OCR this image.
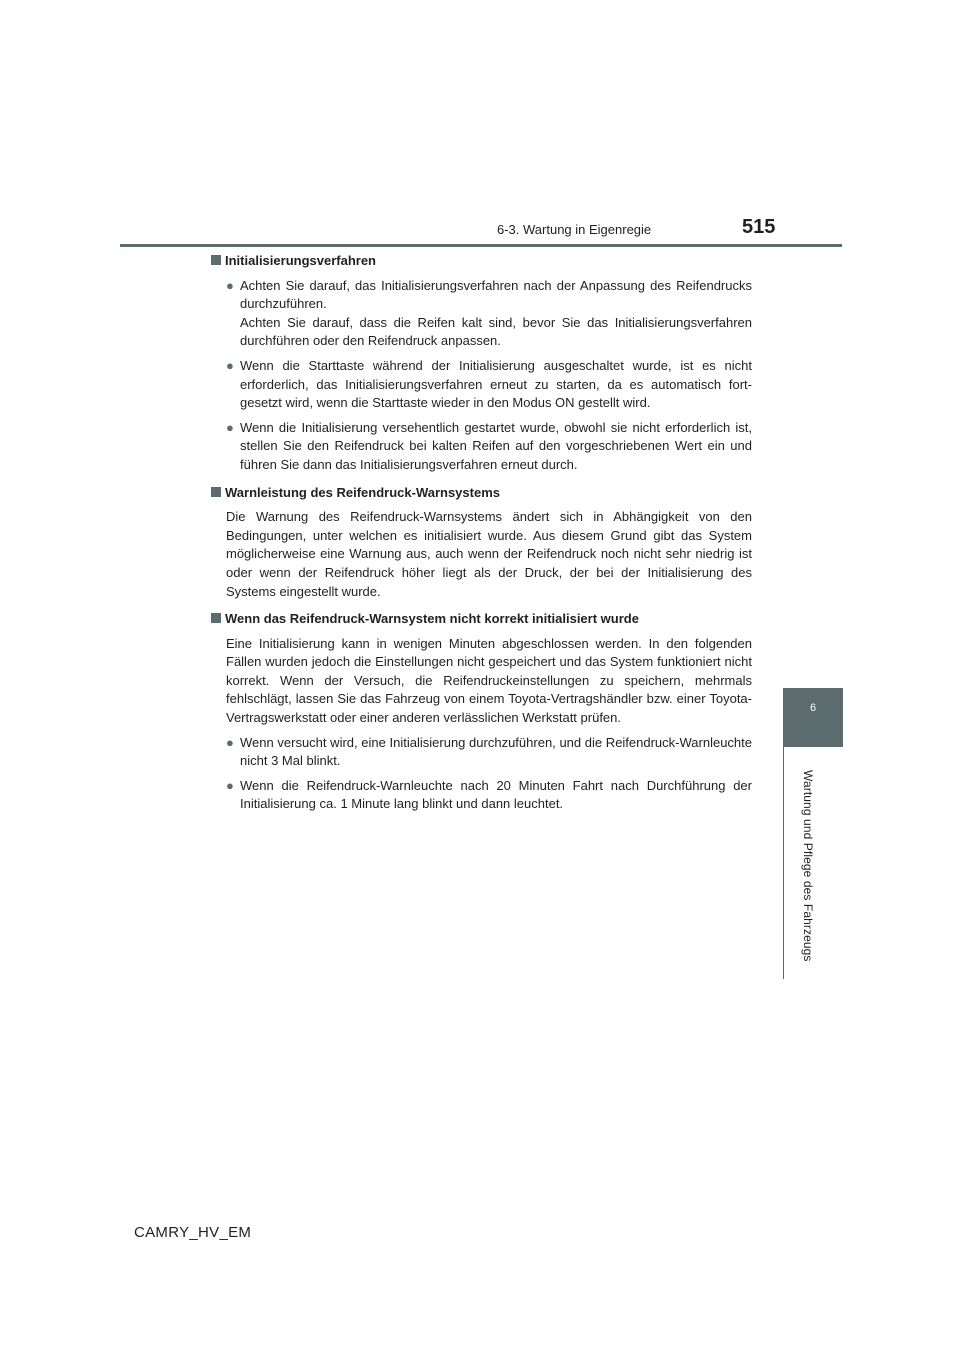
6-3. Wartung in Eigenregie	515
6
Wartung und Pflege des Fahrzeugs
Initialisierungsverfahren
● Achten Sie darauf, das Initialisierungsverfahren nach der Anpassung des Reifendrucks durchzuführen.

Achten Sie darauf, dass die Reifen kalt sind, bevor Sie das Initialisierungsverfahren durchführen oder den Reifendruck anpassen.

● Wenn die Starttaste während der Initialisierung ausgeschaltet wurde, ist es nicht erforderlich, das Initialisierungsverfahren erneut zu starten, da es automatisch fortgesetzt wird, wenn die Starttaste wieder in den Modus ON gestellt wird.

● Wenn die Initialisierung versehentlich gestartet wurde, obwohl sie nicht erforderlich ist, stellen Sie den Reifendruck bei kalten Reifen auf den vorgeschriebenen Wert ein und führen Sie dann das Initialisierungsverfahren erneut durch.

Warnleistung des Reifendruck-Warnsystems

Die Warnung des Reifendruck-Warnsystems ändert sich in Abhängigkeit von den Bedingungen, unter welchen es initialisiert wurde. Aus diesem Grund gibt das System möglicherweise eine Warnung aus, auch wenn der Reifendruck noch nicht sehr niedrig ist oder wenn der Reifendruck höher liegt als der Druck, der bei der Initialisierung des Systems eingestellt wurde.

Wenn das Reifendruck-Warnsystem nicht korrekt initialisiert wurde

Eine Initialisierung kann in wenigen Minuten abgeschlossen werden. In den folgenden Fällen wurden jedoch die Einstellungen nicht gespeichert und das System funktioniert nicht korrekt. Wenn der Versuch, die Reifendruckeinstellungen zu speichern, mehrmals fehlschlägt, lassen Sie das Fahrzeug von einem Toyota-Vertragshändler bzw. einer Toyota-Vertragswerkstatt oder einer anderen verlässlichen Werkstatt prüfen.

● Wenn versucht wird, eine Initialisierung durchzuführen, und die Reifendruck-Warnleuchte nicht 3 Mal blinkt.

● Wenn die Reifendruck-Warnleuchte nach 20 Minuten Fahrt nach Durchführung der Initialisierung ca. 1 Minute lang blinkt und dann leuchtet.

CAMRY_HV_EM
